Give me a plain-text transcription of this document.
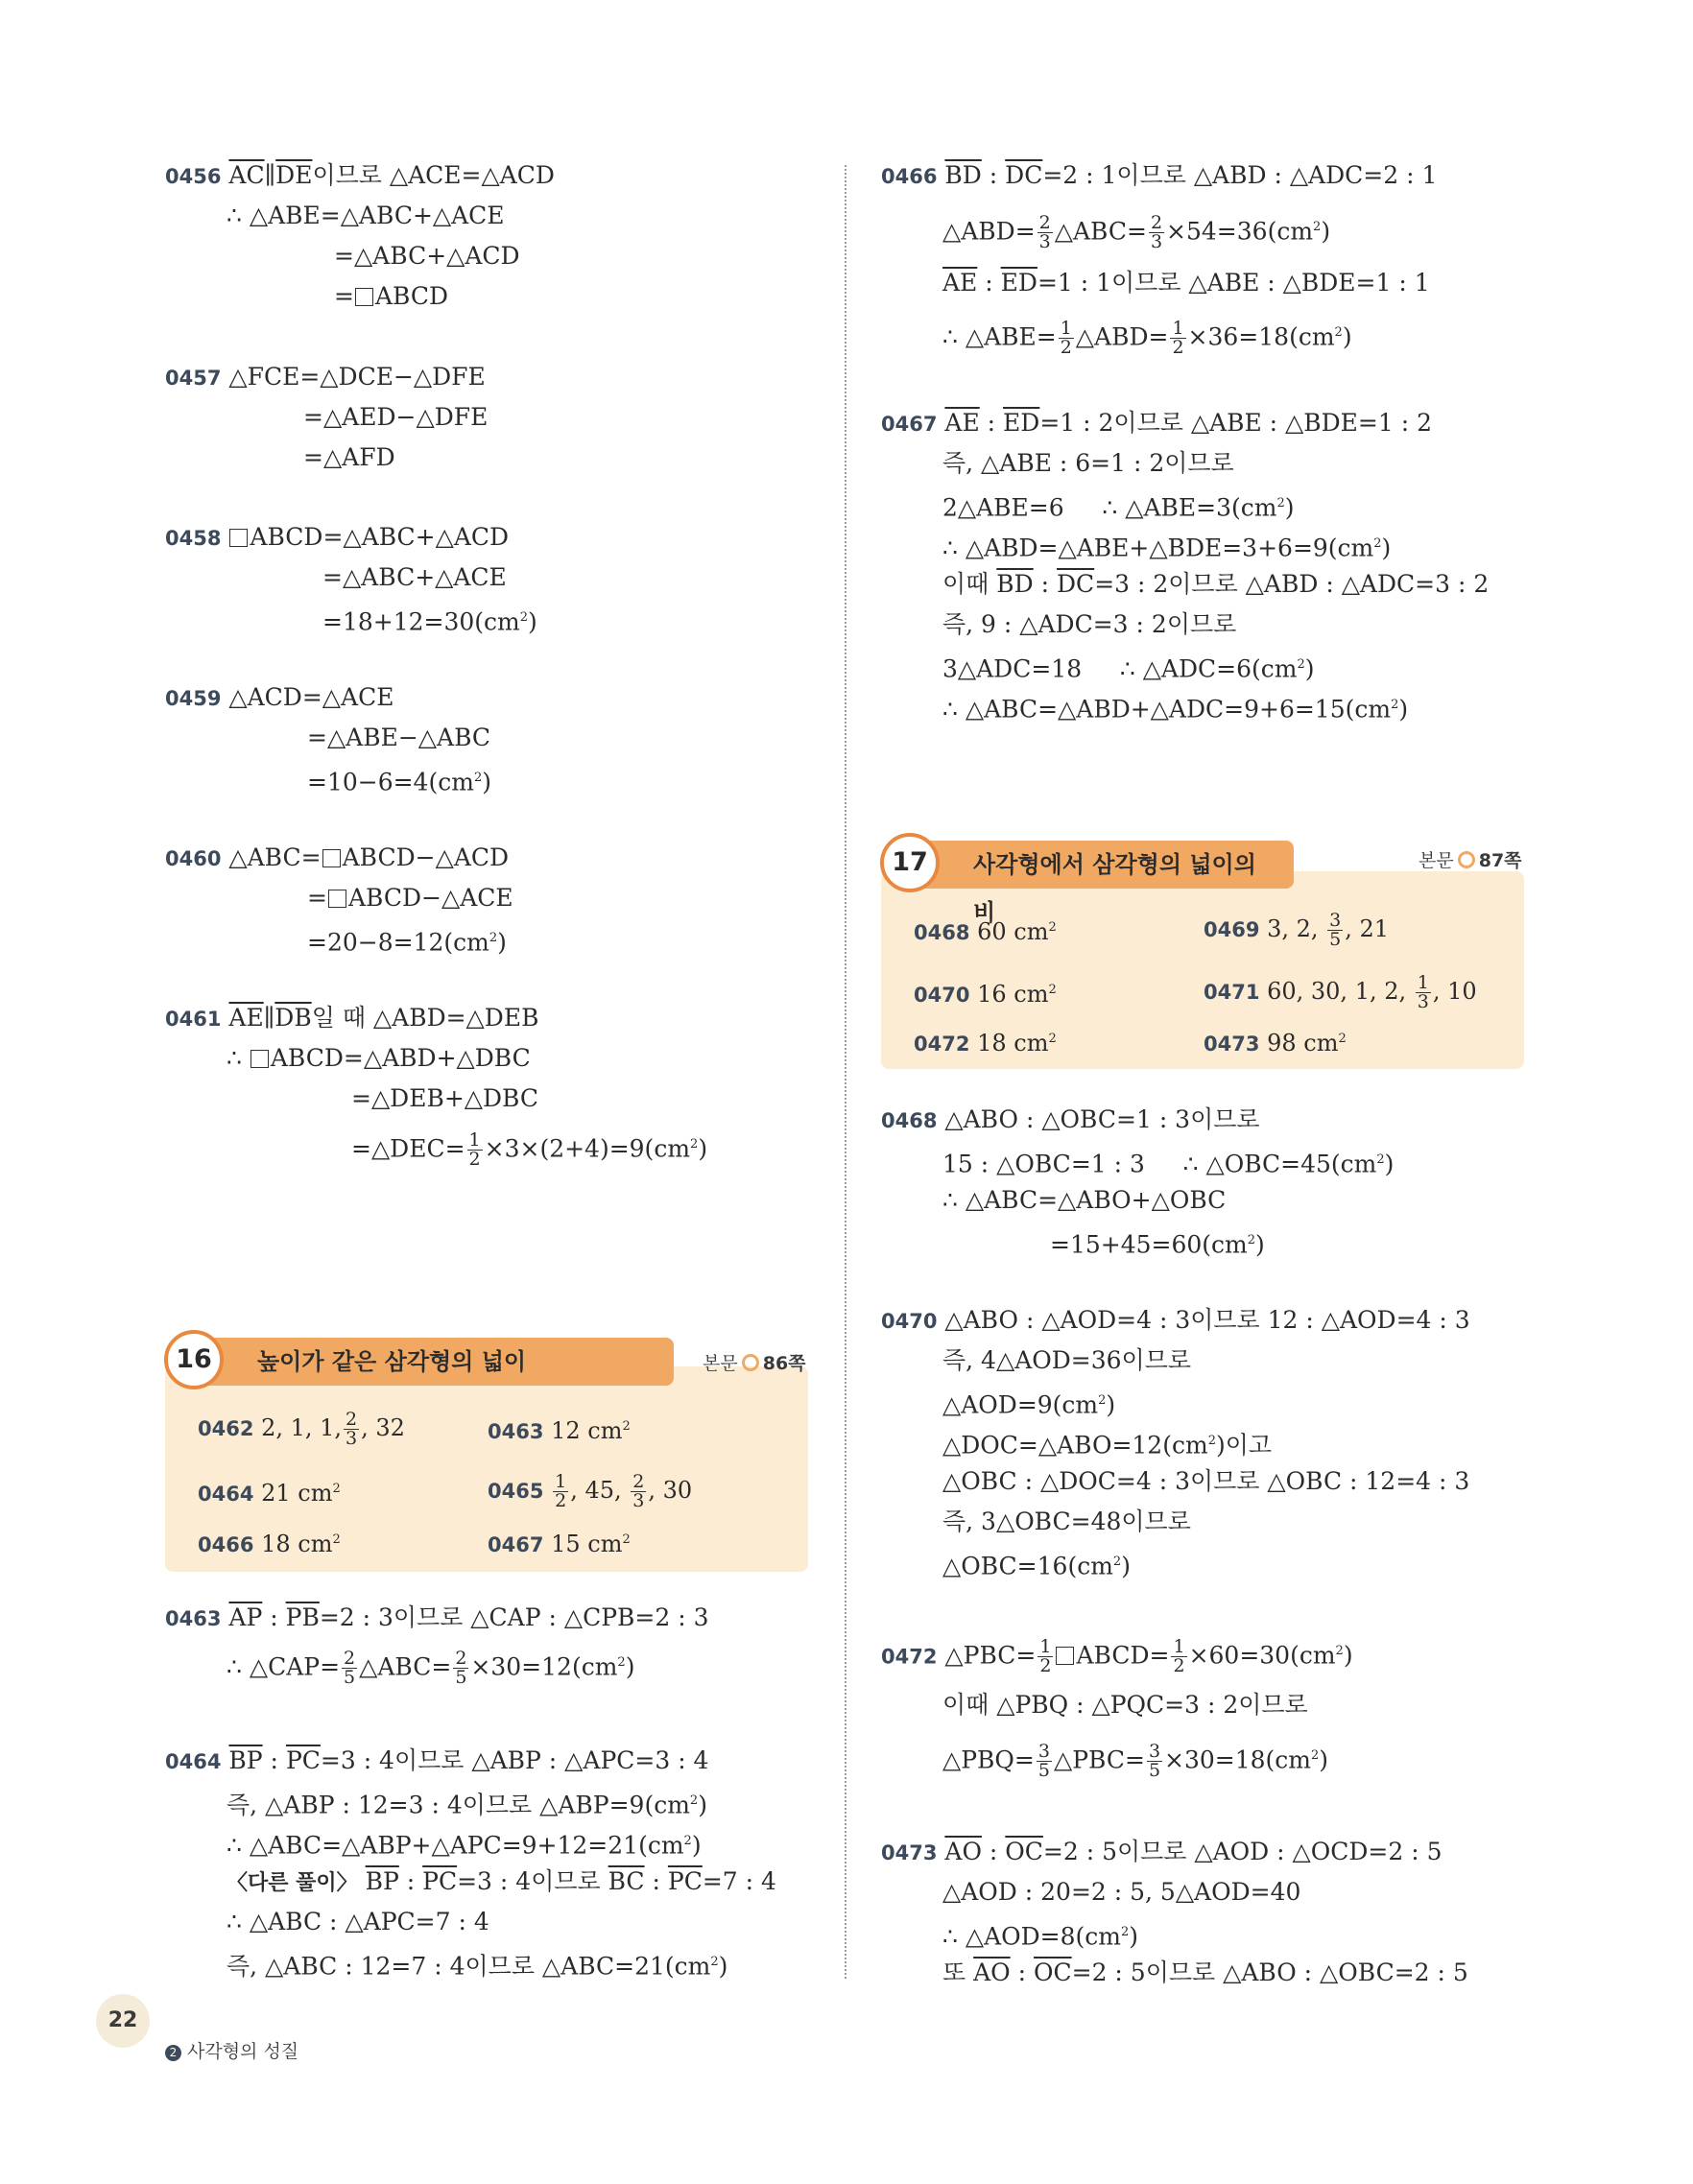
0456 $\overline{AC}\parallel\overline{DE}$이므로 △ACE=△ACD
∴ △ABE=△ABC+△ACE
=△ABC+△ACD
= ABCD
0457 △FCE=△DCE−△DFE
=△AED−△DFE
=△AFD
0458 ABCD=△ABC+△ACD
=△ABC+△ACE
$=18+12=30(cm^2)$
0459 △ACD=△ACE
=△ABE−△ABC
$=10-6=4(cm^2)$
0460 △ABC= ABCD−△ACD
= ABCD−△ACE
$=20-8=12(cm^2)$
0461 $\overline{AE}\parallel\overline{DB}$일 때 △ABD=△DEB
∴ ABCD=△ABD+△DBC
=△DEB+△DBC
=△DEC= $\frac{1}{2} \times 3\times(2+4)=9(cm^2)$
높이가 같은 삼각형의 넓이
16	본문 86쪽
0462 2, 1, 1, $\frac{2}{3}$ , 32	0463 12 $cm^2$
0464 21 $cm^2$	$0465 \frac{1}{2}$ , 45, $\frac{2}{3}$ , 30
0466 18 $cm^2$	0467 15 $cm^2$
0463 $\overline{AP}$ : $\overline{PB}=2$ : 3이므로 △CAP : △CPB=2 : 3
∴ △CAP= $\frac{2}{5}$ △ABC= $\frac{2}{5} \times 30=12(cm^2)$
0464 $\overline{BP}$ : $\overline{PC}=3$ : 4이므로 △ABP : △APC=3 : 4
즉, △ABP : 12=3 : 4이므로 $\triangle ABP=9(cm^2)$
∴ $\triangle ABC=\triangle ABP+\triangle APC=9+12=21(cm^2)$
〈다른 풀이〉 $\overline{BP}$ : $\overline{PC}=3$ : 4이므로 $\overline{BC}$ : $\overline{PC}=7$ : 4
∴ △ABC : △APC=7 : 4
즉, △ABC : 12=7 : 4이므로 $\triangle ABC=21(cm^2)$
0466 $\overline{BD}$ : $\overline{DC}=2$ : 1이므로 △ABD : △ADC=2 : 1
△ABD= $\frac{2}{3}$ △ABC= $\frac{2}{3} \times 54=36(cm^2)$
$\overline{AE}$ : $\overline{ED}=1$ : 1이므로 △ABE : △BDE=1 : 1
∴ △ABE= $\frac{1}{2}$ △ABD= $\frac{1}{2} \times 36=18(cm^2)$
0467 $\overline{AE}$ : $\overline{ED}=1$ : 2이므로 △ABE : △BDE=1 : 2
즉, △ABE : 6=1 : 2이므로
2△ABE=6     ∴ $\triangle ABE=3(cm^2)$
∴ $\triangle ABD=\triangle ABE+\triangle BDE=3+6=9(cm^2)$
이때 $\overline{BD}$ : $\overline{DC}=3$ : 2이므로 △ABD : △ADC=3 : 2
즉, 9 : △ADC=3 : 2이므로
3△ADC=18     ∴ $\triangle ADC=6(cm^2)$
∴ $\triangle ABC=\triangle ABD+\triangle ADC=9+6=15(cm^2)$
사각형에서 삼각형의 넓이의 비
17	본문 87쪽
0468 60 $cm^2$	0469 3, 2, $\frac{3}{5}$ , 21
0470 16 $cm^2$	0471 60, 30, 1, 2, $\frac{1}{3}$ , 10
0472 18 $cm^2$	0473 98 $cm^2$
0468 △ABO : △OBC=1 : 3이므로
15 : △OBC=1 : 3     ∴ $\triangle OBC=45(cm^2)$
∴ △ABC=△ABO+△OBC
$=15+45=60(cm^2)$
0470 △ABO : △AOD=4 : 3이므로 12 : △AOD=4 : 3
즉, 4△AOD=36이므로
$\triangle AOD=9(cm^2)$
$\triangle DOC=\triangle ABO=12(cm^2)$이고
△OBC : △DOC=4 : 3이므로 △OBC : 12=4 : 3
즉, 3△OBC=48이므로
$\triangle OBC=16(cm^2)$
0472 △PBC= $\frac{1}{2}$ ABCD= $\frac{1}{2} \times 60=30(cm^2)$
이때 △PBQ : △PQC=3 : 2이므로
△PBQ= $\frac{3}{5}$ △PBC= $\frac{3}{5} \times 30=18(cm^2)$
0473 $\overline{AO}$ : $\overline{OC}=2$ : 5이므로 △AOD : △OCD=2 : 5
△AOD : 20=2 : 5, 5△AOD=40
∴ $\triangle AOD=8(cm^2)$
또 $\overline{AO}$ : $\overline{OC}=2$ : 5이므로 △ABO : △OBC=2 : 5
22
2 사각형의 성질
